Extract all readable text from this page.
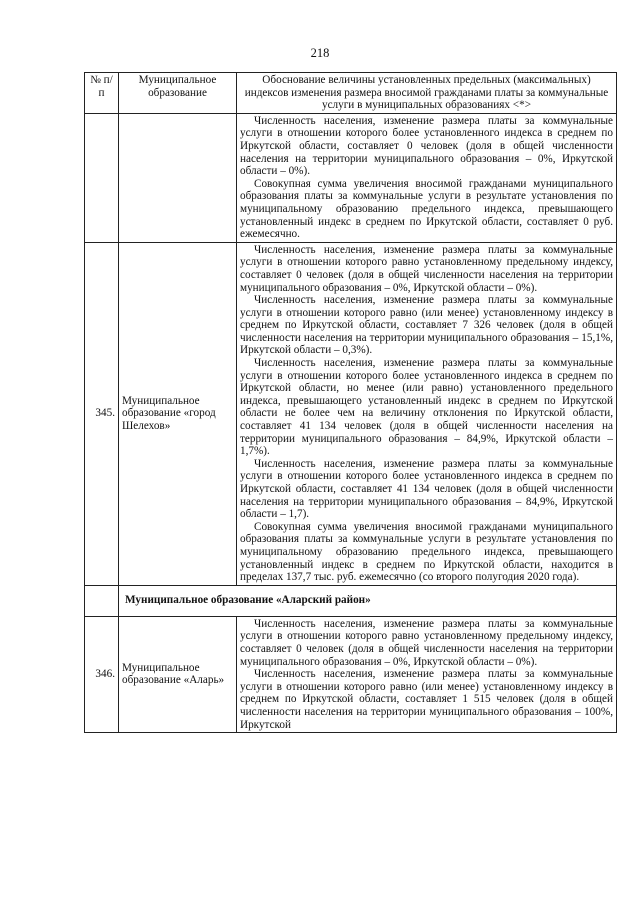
218
№ п/п	Муниципальное образование	Обоснование величины установленных предельных (максимальных) индексов изменения размера вносимой гражданами платы за коммунальные услуги в муниципальных образованиях <*>

		Численность населения, изменение размера платы за коммунальные услуги в отношении которого более установленного индекса в среднем по Иркутской области, составляет 0 человек (доля в общей численности населения на территории муниципального образования – 0%, Иркутской области – 0%).

Совокупная сумма увеличения вносимой гражданами муниципального образования платы за коммунальные услуги в результате установления по муниципальному образованию предельного индекса, превышающего установленный индекс в среднем по Иркутской области, составляет 0 руб. ежемесячно.

345.	Муниципальное образование «город Шелехов»	Численность населения, изменение размера платы за коммунальные услуги в отношении которого равно установленному предельному индексу, составляет 0 человек (доля в общей численности населения на территории муниципального образования – 0%, Иркутской области – 0%).

Численность населения, изменение размера платы за коммунальные услуги в отношении которого равно (или менее) установленному индексу в среднем по Иркутской области, составляет 7 326 человек (доля в общей численности населения на территории муниципального образования – 15,1%, Иркутской области – 0,3%).

Численность населения, изменение размера платы за коммунальные услуги в отношении которого более установленного индекса в среднем по Иркутской области, но менее (или равно) установленного предельного индекса, превышающего установленный индекс в среднем по Иркутской области не более чем на величину отклонения по Иркутской области, составляет 41 134 человек (доля в общей численности населения на территории муниципального образования – 84,9%, Иркутской области – 1,7%).

Численность населения, изменение размера платы за коммунальные услуги в отношении которого более установленного индекса в среднем по Иркутской области, составляет 41 134 человек (доля в общей численности населения на территории муниципального образования – 84,9%, Иркутской области – 1,7).

Совокупная сумма увеличения вносимой гражданами муниципального образования платы за коммунальные услуги в результате установления по муниципальному образованию предельного индекса, превышающего установленный индекс в среднем по Иркутской области, находится в пределах 137,7 тыс. руб. ежемесячно (со второго полугодия 2020 года).

	Муниципальное образование «Аларский район»	
346.	Муниципальное образование «Аларь»	Численность населения, изменение размера платы за коммунальные услуги в отношении которого равно установленному предельному индексу, составляет 0 человек (доля в общей численности населения на территории муниципального образования – 0%, Иркутской области – 0%).

Численность населения, изменение размера платы за коммунальные услуги в отношении которого равно (или менее) установленному индексу в среднем по Иркутской области, составляет 1 515 человек (доля в общей численности населения на территории муниципального образования – 100%, Иркутской
